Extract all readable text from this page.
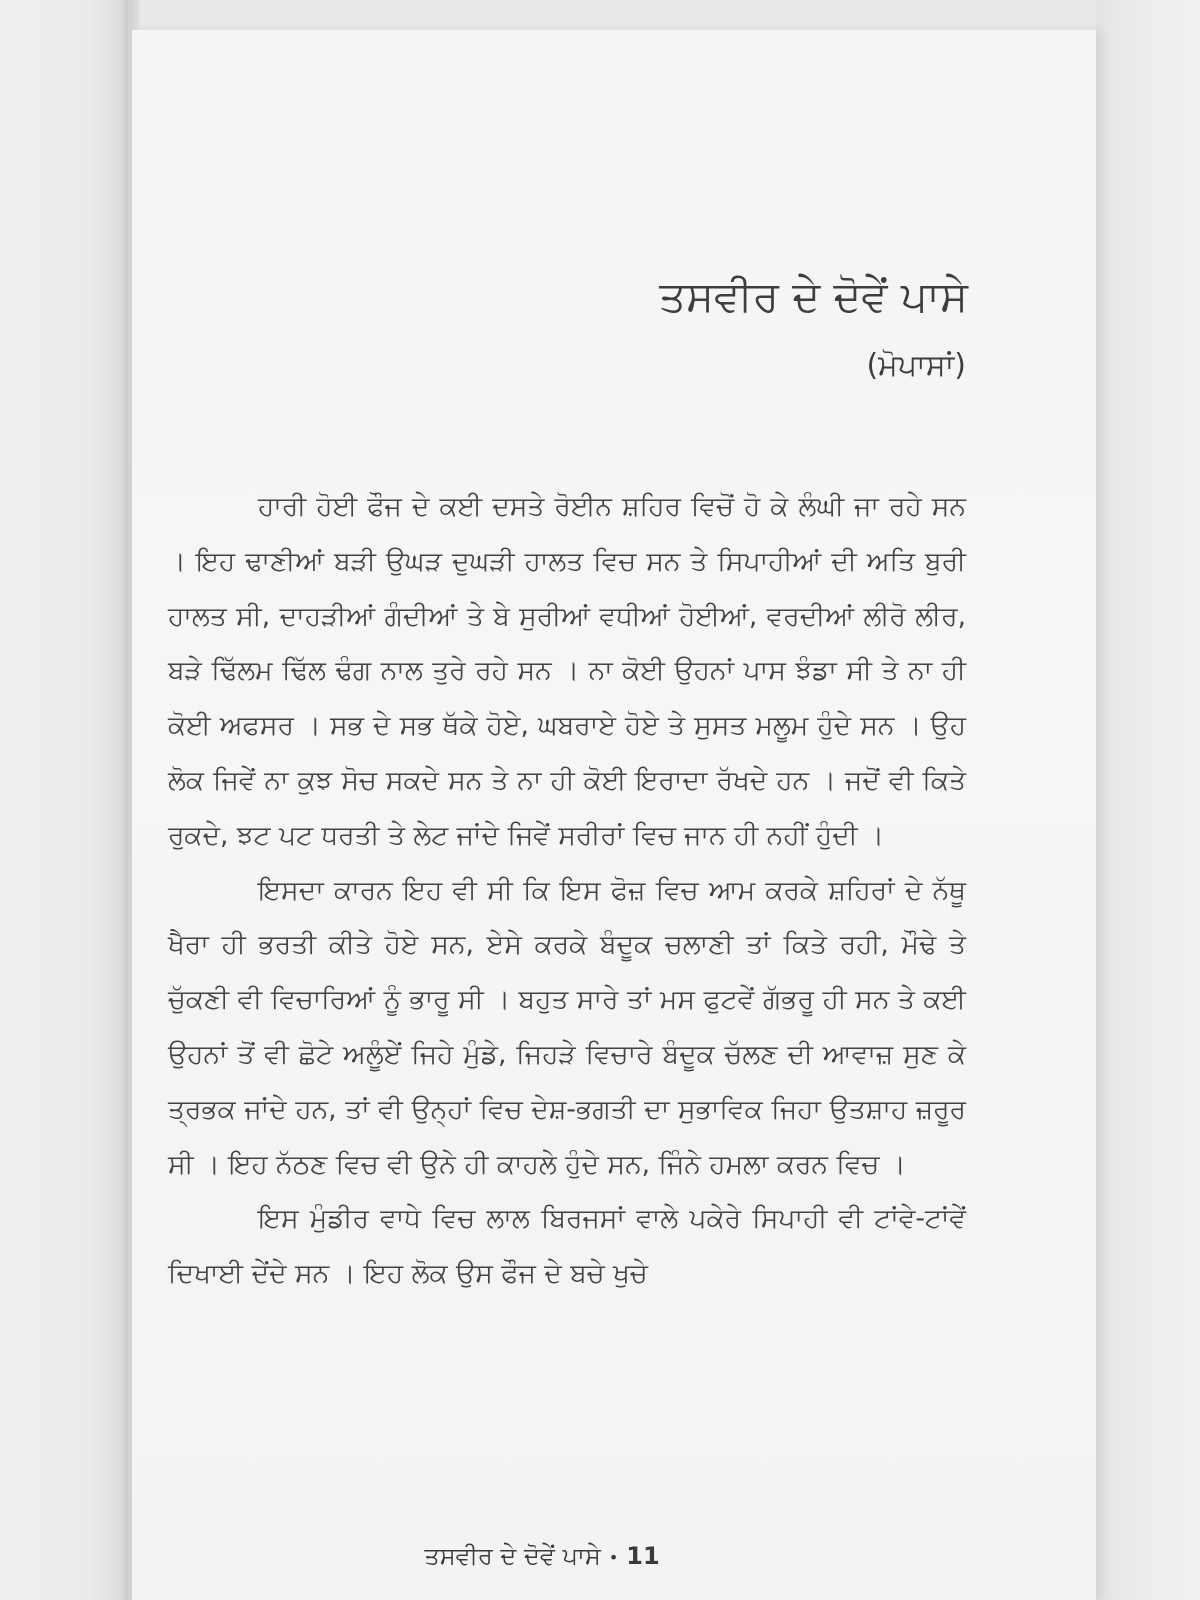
ਤਸਵੀਰ ਦੇ ਦੋਵੇਂ ਪਾਸੇ
(ਮੋਪਾਸਾਂ)

ਹਾਰੀ ਹੋਈ ਫੌਜ ਦੇ ਕਈ ਦਸਤੇ ਰੋਈਨ ਸ਼ਹਿਰ ਵਿਚੋਂ ਹੋ ਕੇ ਲੰਘੀ ਜਾ ਰਹੇ ਸਨ । ਇਹ ਢਾਣੀਆਂ ਬੜੀ ਉਘੜ ਦੁਘੜੀ ਹਾਲਤ ਵਿਚ ਸਨ ਤੇ ਸਿਪਾਹੀਆਂ ਦੀ ਅਤਿ ਬੁਰੀ ਹਾਲਤ ਸੀ, ਦਾਹੜੀਆਂ ਗੰਦੀਆਂ ਤੇ ਬੇ ਸੁਰੀਆਂ ਵਧੀਆਂ ਹੋਈਆਂ, ਵਰਦੀਆਂ ਲੀਰੋ ਲੀਰ, ਬੜੇ ਢਿੱਲਮ ਢਿੱਲ ਢੰਗ ਨਾਲ ਤੁਰੇ ਰਹੇ ਸਨ । ਨਾ ਕੋਈ ਉਹਨਾਂ ਪਾਸ ਝੰਡਾ ਸੀ ਤੇ ਨਾ ਹੀ ਕੋਈ ਅਫਸਰ । ਸਭ ਦੇ ਸਭ ਥੱਕੇ ਹੋਏ, ਘਬਰਾਏ ਹੋਏ ਤੇ ਸੁਸਤ ਮਲੂਮ ਹੁੰਦੇ ਸਨ । ਉਹ ਲੋਕ ਜਿਵੇਂ ਨਾ ਕੁਝ ਸੋਚ ਸਕਦੇ ਸਨ ਤੇ ਨਾ ਹੀ ਕੋਈ ਇਰਾਦਾ ਰੱਖਦੇ ਹਨ । ਜਦੋਂ ਵੀ ਕਿਤੇ ਰੁਕਦੇ, ਝਟ ਪਟ ਧਰਤੀ ਤੇ ਲੇਟ ਜਾਂਦੇ ਜਿਵੇਂ ਸਰੀਰਾਂ ਵਿਚ ਜਾਨ ਹੀ ਨਹੀਂ ਹੁੰਦੀ ।

ਇਸਦਾ ਕਾਰਨ ਇਹ ਵੀ ਸੀ ਕਿ ਇਸ ਫੋਜ਼ ਵਿਚ ਆਮ ਕਰਕੇ ਸ਼ਹਿਰਾਂ ਦੇ ਨੱਥੂ ਖੈਰਾ ਹੀ ਭਰਤੀ ਕੀਤੇ ਹੋਏ ਸਨ, ਏਸੇ ਕਰਕੇ ਬੰਦੂਕ ਚਲਾਣੀ ਤਾਂ ਕਿਤੇ ਰਹੀ, ਮੌਢੇ ਤੇ ਚੁੱਕਣੀ ਵੀ ਵਿਚਾਰਿਆਂ ਨੂੰ ਭਾਰੂ ਸੀ । ਬਹੁਤ ਸਾਰੇ ਤਾਂ ਮਸ ਫੁਟਵੇਂ ਗੱਭਰੂ ਹੀ ਸਨ ਤੇ ਕਈ ਉਹਨਾਂ ਤੋਂ ਵੀ ਛੋਟੇ ਅਲੂੰਏਂ ਜਿਹੇ ਮੁੰਡੇ, ਜਿਹੜੇ ਵਿਚਾਰੇ ਬੰਦੂਕ ਚੱਲਣ ਦੀ ਆਵਾਜ਼ ਸੁਣ ਕੇ ਤ੍ਰਭਕ ਜਾਂਦੇ ਹਨ, ਤਾਂ ਵੀ ਉਨ੍ਹਾਂ ਵਿਚ ਦੇਸ਼-ਭਗਤੀ ਦਾ ਸੁਭਾਵਿਕ ਜਿਹਾ ਉਤਸ਼ਾਹ ਜ਼ਰੂਰ ਸੀ । ਇਹ ਨੱਠਣ ਵਿਚ ਵੀ ਉਨੇ ਹੀ ਕਾਹਲੇ ਹੁੰਦੇ ਸਨ, ਜਿੰਨੇ ਹਮਲਾ ਕਰਨ ਵਿਚ ।

ਇਸ ਮੁੰਡੀਰ ਵਾਧੇ ਵਿਚ ਲਾਲ ਬਿਰਜਸਾਂ ਵਾਲੇ ਪਕੇਰੇ ਸਿਪਾਹੀ ਵੀ ਟਾਂਵੇ-ਟਾਂਵੇਂ ਦਿਖਾਈ ਦੇਂਦੇ ਸਨ । ਇਹ ਲੋਕ ਉਸ ਫੌਜ ਦੇ ਬਚੇ ਖੁਚੇ

ਤਸਵੀਰ ਦੇ ਦੋਵੇਂ ਪਾਸੇ • 11
